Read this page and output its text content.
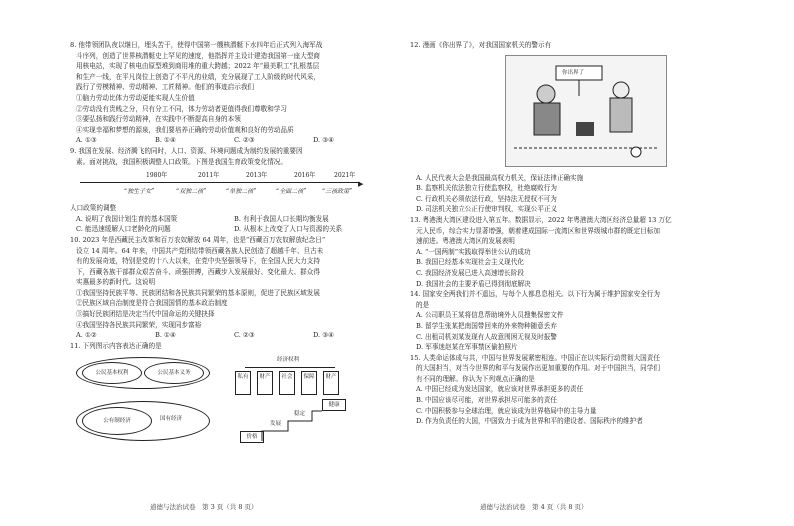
8. 他带领团队夜以继日，埋头苦干，使得中国第一艘核潜艇下水四年后正式列入海军战
斗序列，创造了世界核潜艇史上罕见的速度，他指挥并主设计建造我国第一座大型商
用核电站，实现了核电由原型堆到商用堆的重大跨越；2022 年“最美职工”扎根基层
和生产一线，在平凡岗位上创造了不平凡的业绩，充分展现了工人阶级的时代风采，
践行了劳模精神、劳动精神、工匠精神。他们的事迹启示我们
①脑力劳动比体力劳动更能实现人生价值
②劳动没有贵贱之分，只有分工不同，体力劳动者更值得我们尊敬和学习
③要弘扬和践行劳动精神，在实践中不断提高自身的本领
④实现幸福和梦想的源泉，我们要培养正确的劳动价值观和良好的劳动品质
A. ①③	B. ①④	C. ②③	D. ③④
9. 我国在发展、经济腾飞的同时，人口、资源、环境问题成为制约发展的重要因
素。面对挑战，我国积极调整人口政策。下图是我国生育政策变化情况。
▶
1980年	2011年	2013年	2016年	2021年
“独生子女”	“双独二孩”	“单独二孩”	“全面二孩”	“三孩政策”
人口政策的调整
A. 说明了我国计划生育的基本国策	B. 有利于我国人口长期均衡发展
C. 能迅速缓解人口老龄化的问题	D. 从根本上改变了人口与资源的关系
10. 2023 年是西藏民主改革和百万农奴解放 64 周年，也是“西藏百万农奴解放纪念日”
设立 14 周年。64 年来，中国共产党团结带领西藏各族人民创造了超越千年、旦古未
有的发展奇迹，特别是党的十八大以来，在党中央坚强领导下，在全国人民大力支持
下，西藏各族干部群众艰苦奋斗、顽强拼搏，西藏步入发展最好、变化最大、群众得
实惠最多的新时代。这说明
①我国坚持民族平等、民族团结和各民族共同繁荣的基本原则，促进了民族区域发展
②民族区域自治制度是符合我国国情的基本政治制度
③搞好民族团结是决定当代中国命运的关键抉择
④我国坚持各民族共同繁荣，实现同步富裕
A. ①②	B. ①④	C. ②③	D. ③④
11. 下列图示内容表达正确的是
公民基本权利	公民基本义务
公有制经济	国有经济
经济权利
私有	财产	社会	保障	财产
价格
发展
稳定
健康
道德与法治试卷　第 3 页（共 8 页）
12. 漫画《你出界了》，对我国国家机关的警示有
你出界了
A. 人民代表大会是我国最高权力机关，保证法律正确实施
B. 监察机关依法独立行使监察权，杜绝腐败行为
C. 行政机关必须依法行政，坚持法无授权不可为
D. 司法机关独立公正行使审判权，实现公平正义
13. 粤港澳大湾区建设进入第五年。数据显示，2022 年粤港澳大湾区经济总量超 13 万亿
元人民币，综合实力显著增强，朝着建成国际一流湾区和世界级城市群的既定目标加
速前进。粤港澳大湾区的发展表明
A. “一国两制”实践取得举世公认的成功
B. 我国已经基本实现社会主义现代化
C. 我国经济发展已进入高速增长阶段
D. 我国社会的主要矛盾已得到彻底解决
14. 国家安全两我们并不遥远，与每个人都息息相关。以下行为属于维护国家安全行为
的是
A. 公司职员王某将信息帮助境外人员搜集保密文件
B. 留学生张某把南国带回来的外来物种随意丢弃
C. 出租司机刘某发现有人故意围困无视及时报警
D. 军事迷赵某在军事禁区偷拍照片
15. 人类命运体成与共，中国与世界发展紧密相连。中国正在以实际行动贯彻大国责任
的大国担当，对当今世界的和平与发展作出更加重要的作用。对于中国担当，同学们
有不同的理解。你认为下列观点正确的是
A. 中国已经成为发达国家，就应该对世界承担更多的责任
B. 中国应该尽可能，对世界承担尽可能多的责任
C. 中国积极参与全球治理，就应该成为世界格局中的主导力量
D. 作为负责任的大国，中国致力于成为世界和平的建设者、国际秩序的维护者
道德与法治试卷　第 4 页（共 8 页）
